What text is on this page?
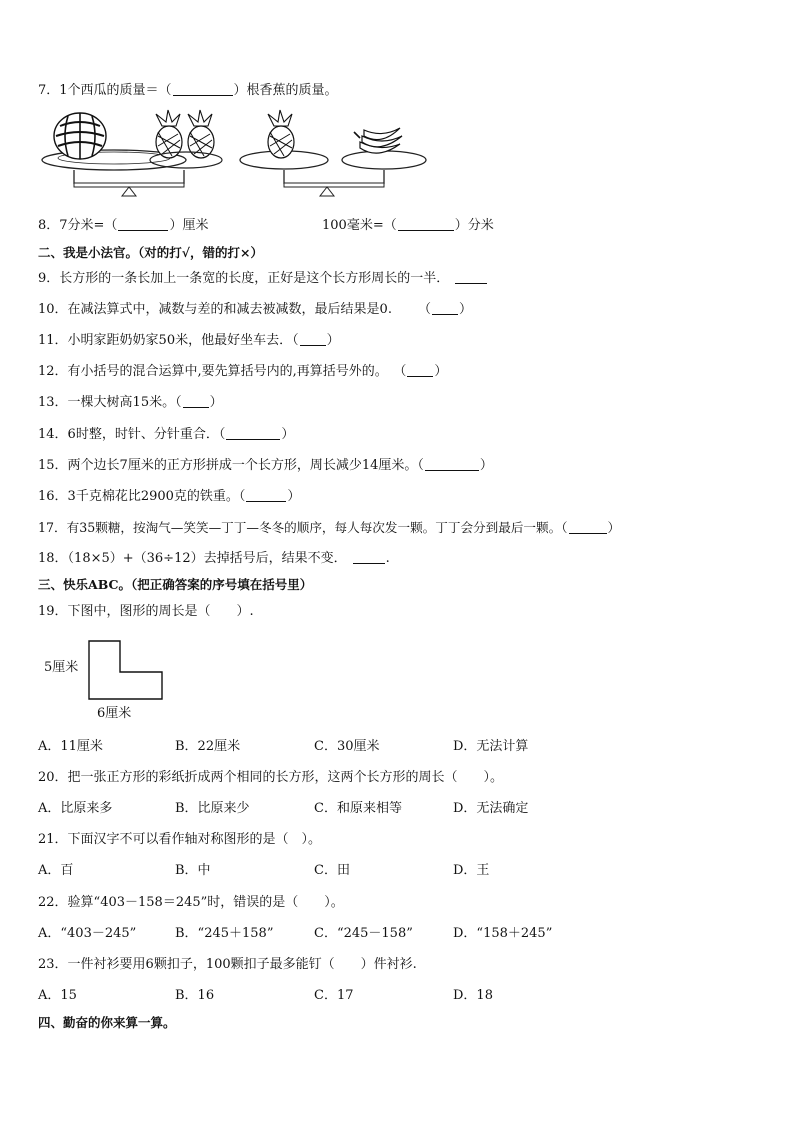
7．1个西瓜的质量＝（	）根香蕉的质量。
8．7分米=（	）厘米	100毫米=（	）分米
二、我是小法官。（对的打√，错的打×）
9．长方形的一条长加上一条宽的长度，正好是这个长方形周长的一半．
10．在减法算式中，减数与差的和减去被减数，最后结果是0. （ ）
11．小明家距奶奶家50米，他最好坐车去．（ ）
12．有小括号的混合运算中,要先算括号内的,再算括号外的。 （ ）
13．一棵大树高15米。（ ）
14．6时整，时针、分针重合．（	）
15．两个边长7厘米的正方形拼成一个长方形，周长减少14厘米。（	）
16．3千克棉花比2900克的铁重。（	）
17．有35颗糖，按淘气—笑笑—丁丁—冬冬的顺序，每人每次发一颗。丁丁会分到最后一颗。（	）
18．（18×5）+（36÷12）去掉括号后，结果不变．	.
三、快乐ABC。（把正确答案的序号填在括号里）
19．下图中，图形的周长是（　　）.
5厘米
6厘米
A．11厘米	B．22厘米	C．30厘米	D．无法计算
20．把一张正方形的彩纸折成两个相同的长方形，这两个长方形的周长（　　）。
A．比原来多	B．比原来少	C．和原来相等	D．无法确定
21．下面汉字不可以看作轴对称图形的是（　）。
A．百	B．中	C．田	D．王
22．验算“403－158＝245”时，错误的是（　　）。
A．“403－245”	B．“245＋158”	C．“245－158”	D．“158＋245”
23．一件衬衫要用6颗扣子，100颗扣子最多能钉（　　）件衬衫.
A．15	B．16	C．17	D．18
四、勤奋的你来算一算。
